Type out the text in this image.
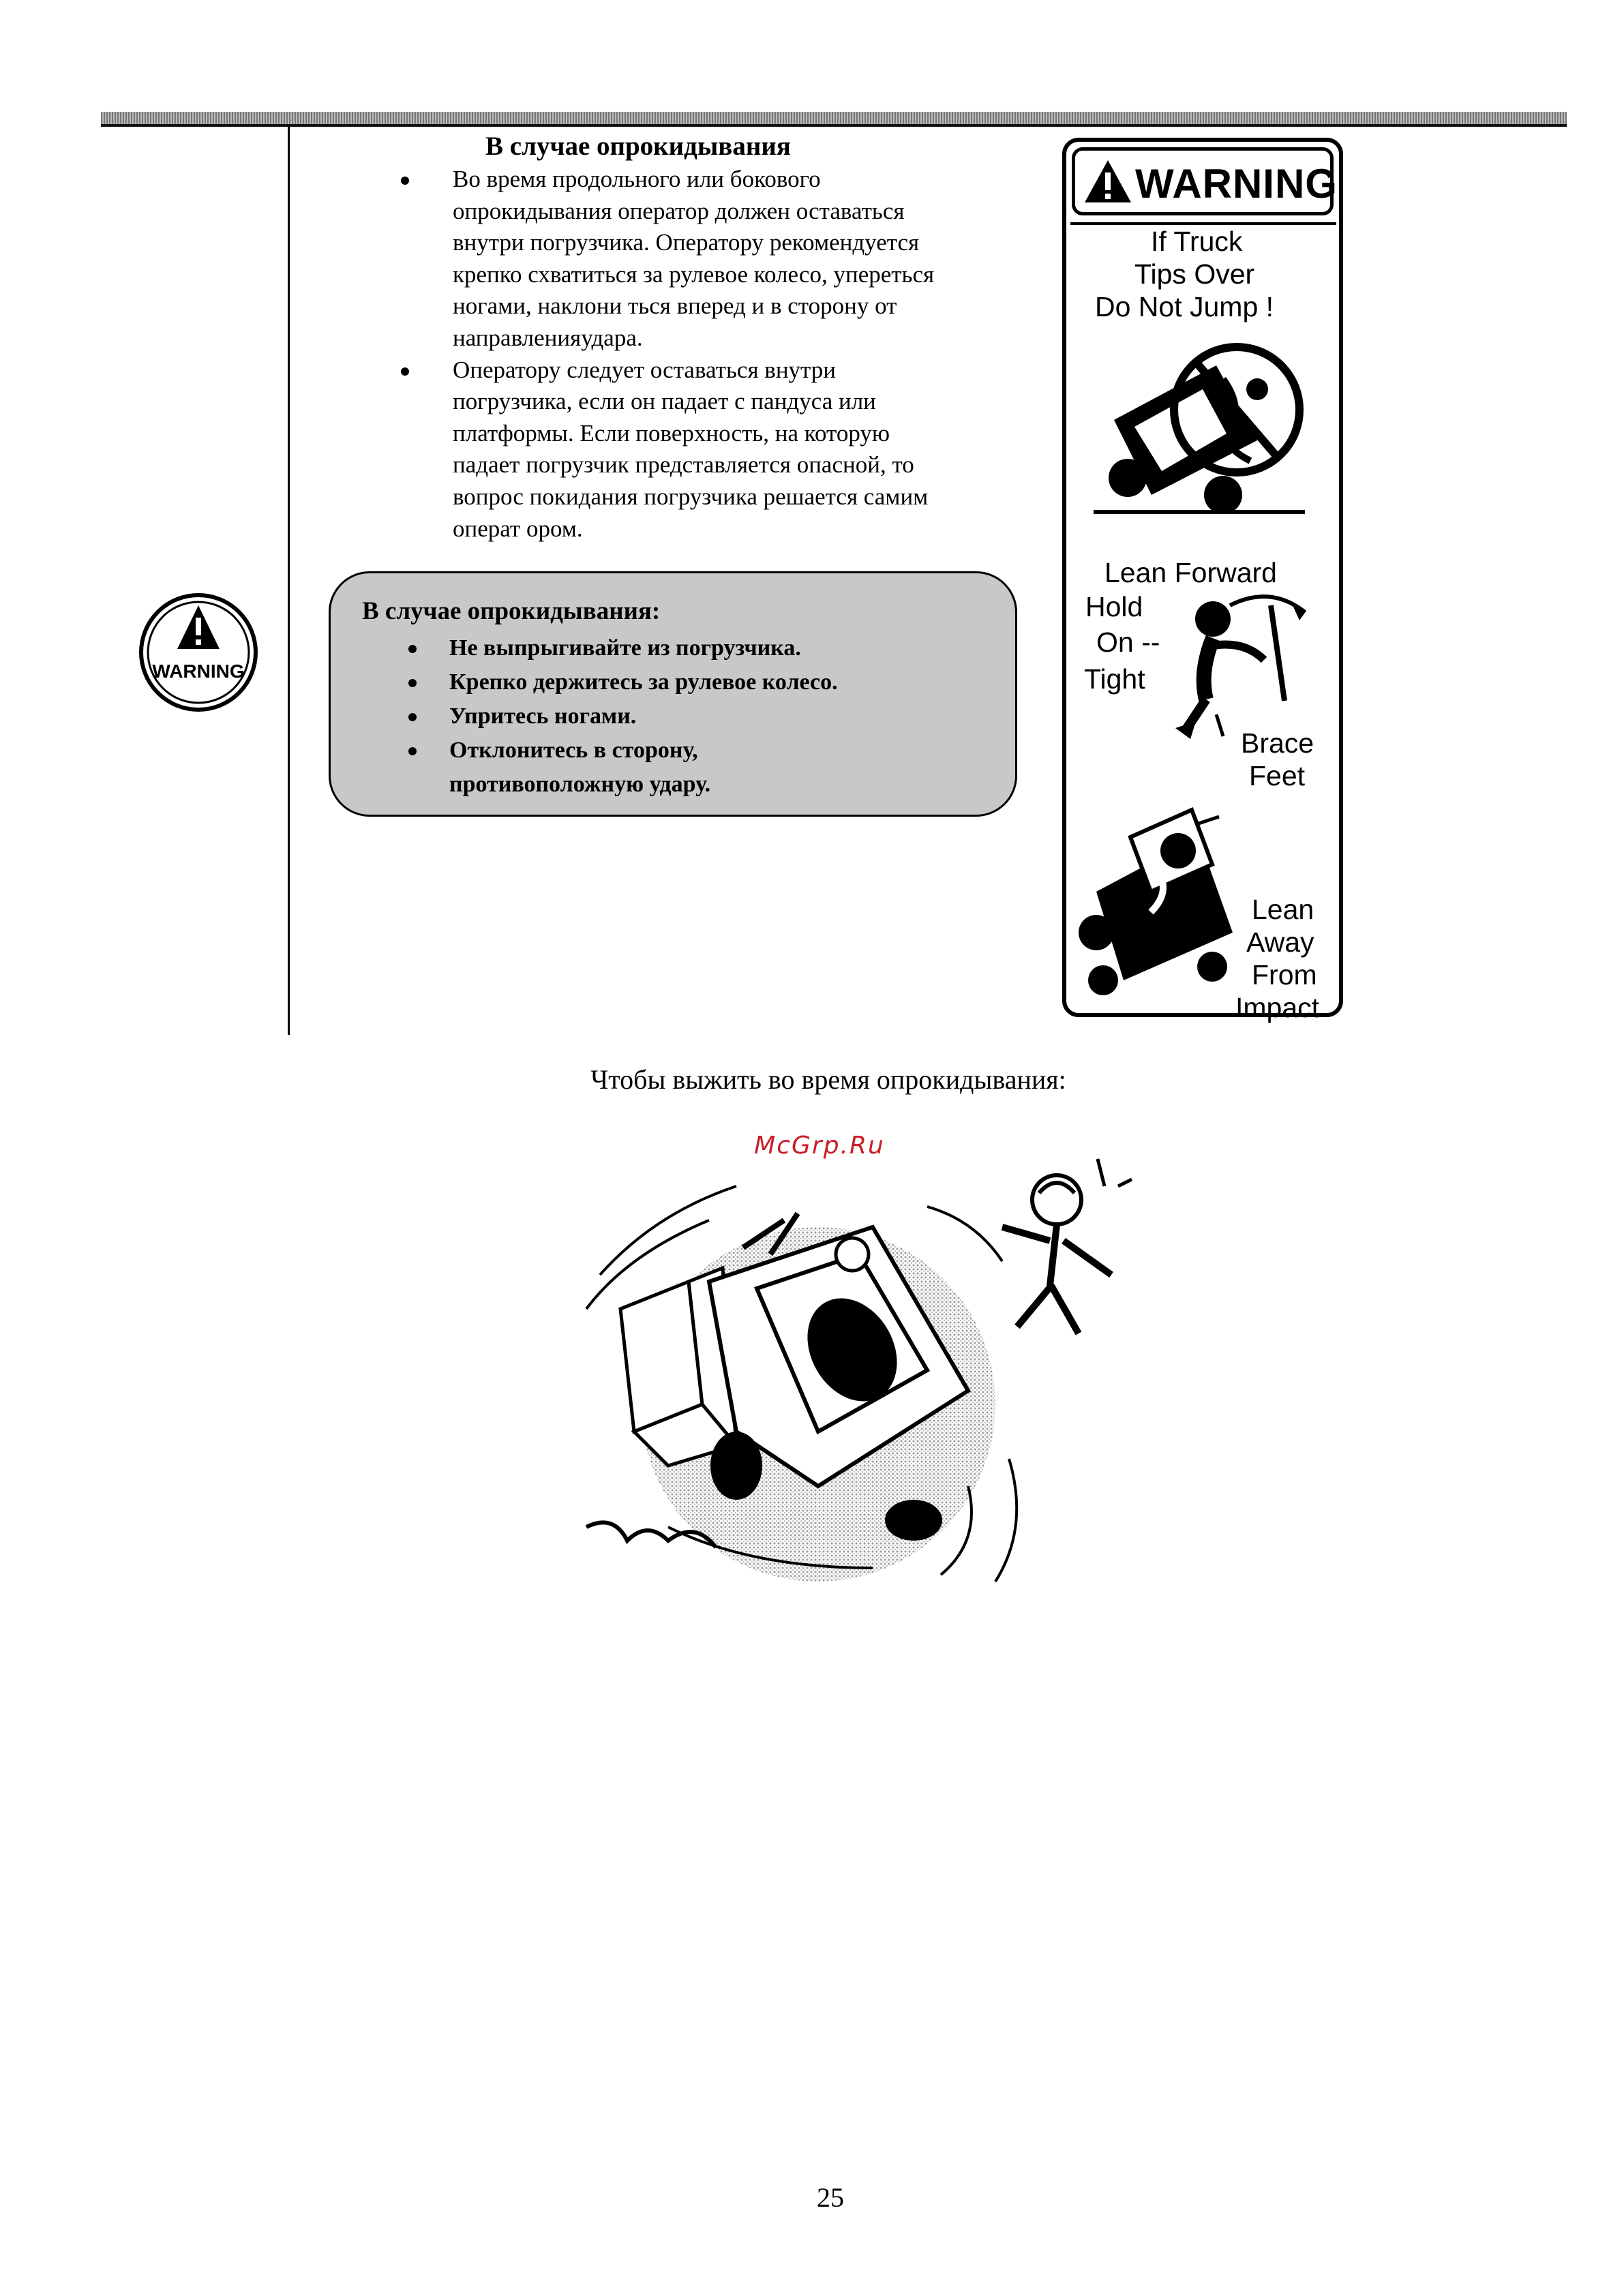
В случае опрокидывания
Во время продольного или бокового
опрокидывания оператор должен оставаться
внутри погрузчика. Оператору рекомендуется
крепко схватиться за рулевое колесо, упереться
ногами, наклони ться вперед и в сторону от
направленияудара.
Оператору следует оставаться внутри
погрузчика, если он падает с пандуса или
платформы. Если поверхность, на которую
падает погрузчик представляется опасной, то
вопрос покидания погрузчика решается самим
операт ором.
WARNING

В случае опрокидывания:

Не выпрыгивайте из погрузчика.
Крепко держитесь за рулевое колесо.
Упритесь ногами.
Отклонитесь в сторону,
противоположную удару.
WARNING
If Truck
Tips Over
Do Not Jump !
Lean Forward
Hold
On --
Tight
Brace
Feet
Lean
Away
From
Impact
Чтобы выжить во время опрокидывания:
McGrp.Ru
25
